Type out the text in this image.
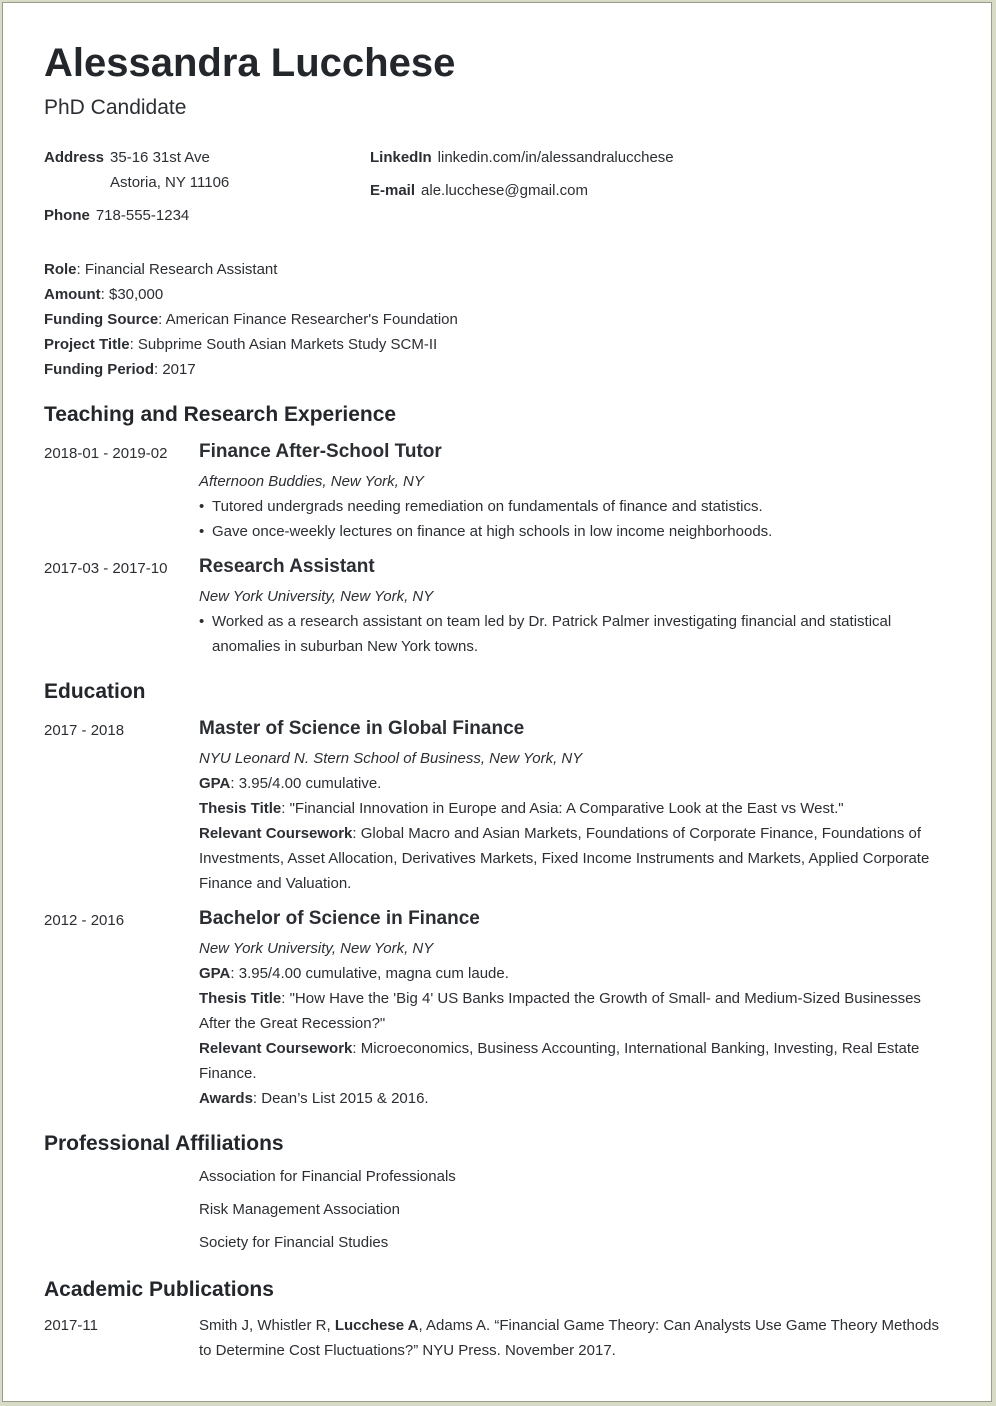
Alessandra Lucchese
PhD Candidate
Address 35-16 31st Ave
Astoria, NY 11106
Phone 718-555-1234
LinkedIn linkedin.com/in/alessandralucchese
E-mail ale.lucchese@gmail.com
Role: Financial Research Assistant
Amount: $30,000
Funding Source: American Finance Researcher's Foundation
Project Title: Subprime South Asian Markets Study SCM-II
Funding Period: 2017
Teaching and Research Experience
2018-01 - 2019-02 Finance After-School Tutor
Afternoon Buddies, New York, NY
• Tutored undergrads needing remediation on fundamentals of finance and statistics.
• Gave once-weekly lectures on finance at high schools in low income neighborhoods.
2017-03 - 2017-10 Research Assistant
New York University, New York, NY
• Worked as a research assistant on team led by Dr. Patrick Palmer investigating financial and statistical anomalies in suburban New York towns.
Education
2017 - 2018	Master of Science in Global Finance
NYU Leonard N. Stern School of Business, New York, NY
GPA: 3.95/4.00 cumulative.
Thesis Title: "Financial Innovation in Europe and Asia: A Comparative Look at the East vs West."
Relevant Coursework: Global Macro and Asian Markets, Foundations of Corporate Finance, Foundations of Investments, Asset Allocation, Derivatives Markets, Fixed Income Instruments and Markets, Applied Corporate Finance and Valuation.
2012 - 2016	Bachelor of Science in Finance
New York University, New York, NY
GPA: 3.95/4.00 cumulative, magna cum laude.
Thesis Title: "How Have the 'Big 4' US Banks Impacted the Growth of Small- and Medium-Sized Businesses After the Great Recession?"
Relevant Coursework: Microeconomics, Business Accounting, International Banking, Investing, Real Estate Finance.
Awards: Dean’s List 2015 & 2016.
Professional Affiliations
Association for Financial Professionals
Risk Management Association
Society for Financial Studies
Academic Publications
2017-11	Smith J, Whistler R, Lucchese A, Adams A. “Financial Game Theory: Can Analysts Use Game Theory Methods to Determine Cost Fluctuations?” NYU Press. November 2017.
